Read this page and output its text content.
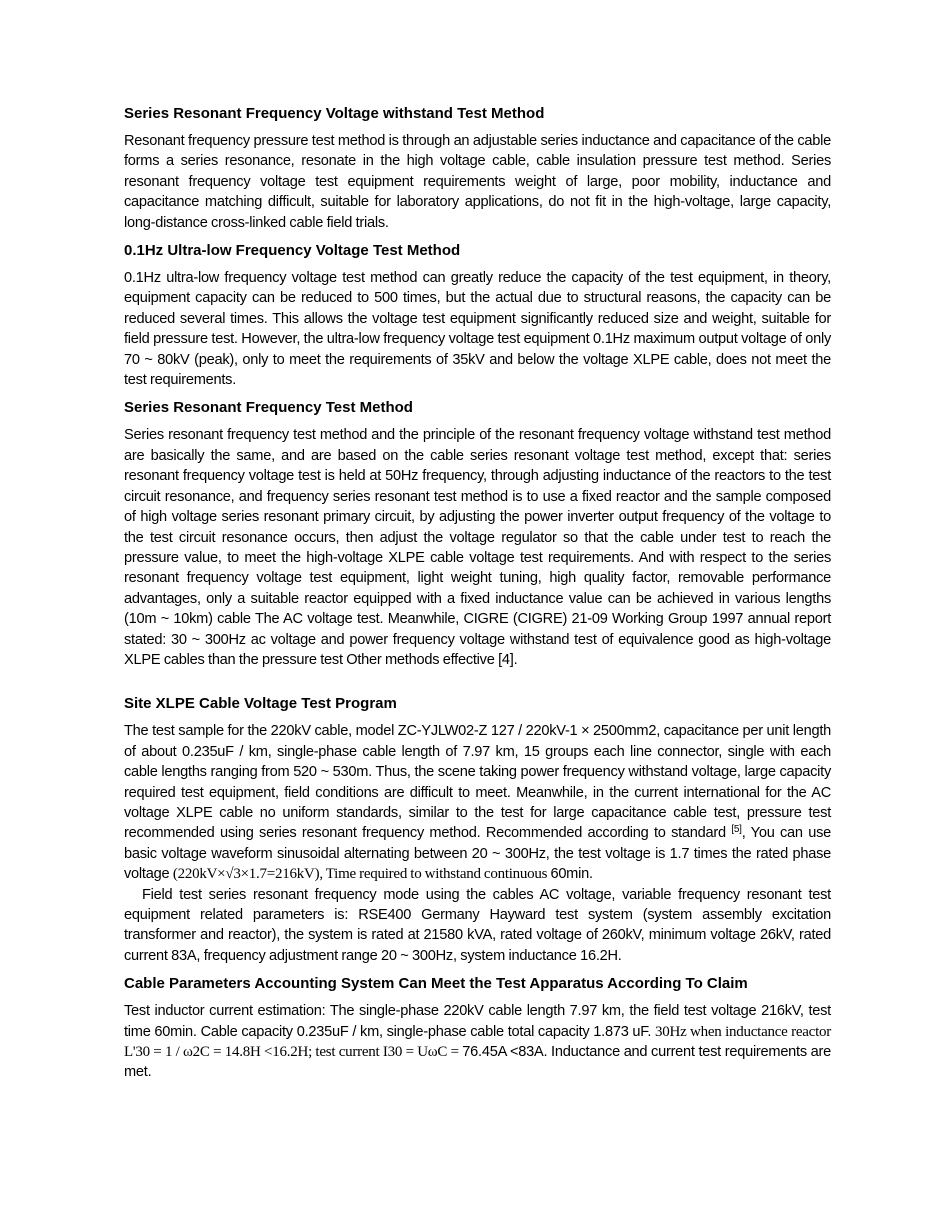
Series Resonant Frequency Voltage withstand Test Method

Resonant frequency pressure test method is through an adjustable series inductance and capacitance of the cable forms a series resonance, resonate in the high voltage cable, cable insulation pressure test method. Series resonant frequency voltage test equipment requirements weight of large, poor mobility, inductance and capacitance matching difficult, suitable for laboratory applications, do not fit in the high-voltage, large capacity, long-distance cross-linked cable field trials.

0.1Hz Ultra-low Frequency Voltage Test Method

0.1Hz ultra-low frequency voltage test method can greatly reduce the capacity of the test equipment, in theory, equipment capacity can be reduced to 500 times, but the actual due to structural reasons, the capacity can be reduced several times. This allows the voltage test equipment significantly reduced size and weight, suitable for field pressure test. However, the ultra-low frequency voltage test equipment 0.1Hz maximum output voltage of only 70 ~ 80kV (peak), only to meet the requirements of 35kV and below the voltage XLPE cable, does not meet the test requirements.

Series Resonant Frequency Test Method

Series resonant frequency test method and the principle of the resonant frequency voltage withstand test method are basically the same, and are based on the cable series resonant voltage test method, except that: series resonant frequency voltage test is held at 50Hz frequency, through adjusting inductance of the reactors to the test circuit resonance, and frequency series resonant test method is to use a fixed reactor and the sample composed of high voltage series resonant primary circuit, by adjusting the power inverter output frequency of the voltage to the test circuit resonance occurs, then adjust the voltage regulator so that the cable under test to reach the pressure value, to meet the high-voltage XLPE cable voltage test requirements. And with respect to the series resonant frequency voltage test equipment, light weight tuning, high quality factor, removable performance advantages, only a suitable reactor equipped with a fixed inductance value can be achieved in various lengths (10m ~ 10km) cable The AC voltage test. Meanwhile, CIGRE (CIGRE) 21-09 Working Group 1997 annual report stated: 30 ~ 300Hz ac voltage and power frequency voltage withstand test of equivalence good as high-voltage XLPE cables than the pressure test Other methods effective [4].

Site XLPE Cable Voltage Test Program

The test sample for the 220kV cable, model ZC-YJLW02-Z 127 / 220kV-1 × 2500mm2, capacitance per unit length of about 0.235uF / km, single-phase cable length of 7.97 km, 15 groups each line connector, single with each cable lengths ranging from 520 ~ 530m. Thus, the scene taking power frequency withstand voltage, large capacity required test equipment, field conditions are difficult to meet. Meanwhile, in the current international for the AC voltage XLPE cable no uniform standards, similar to the test for large capacitance cable test, pressure test recommended using series resonant frequency method. Recommended according to standard [5], You can use basic voltage waveform sinusoidal alternating between 20 ~ 300Hz, the test voltage is 1.7 times the rated phase voltage (220kV×√3×1.7=216kV), Time required to withstand continuous 60min.

Field test series resonant frequency mode using the cables AC voltage, variable frequency resonant test equipment related parameters is: RSE400 Germany Hayward test system (system assembly excitation transformer and reactor), the system is rated at 21580 kVA, rated voltage of 260kV, minimum voltage 26kV, rated current 83A, frequency adjustment range 20 ~ 300Hz, system inductance 16.2H.

Cable Parameters Accounting System Can Meet the Test Apparatus According To Claim

Test inductor current estimation: The single-phase 220kV cable length 7.97 km, the field test voltage 216kV, test time 60min. Cable capacity 0.235uF / km, single-phase cable total capacity 1.873 uF. 30Hz when inductance reactor L'30 = 1 / ω2C = 14.8H <16.2H; test current I30 = UωC = 76.45A <83A. Inductance and current test requirements are met.
